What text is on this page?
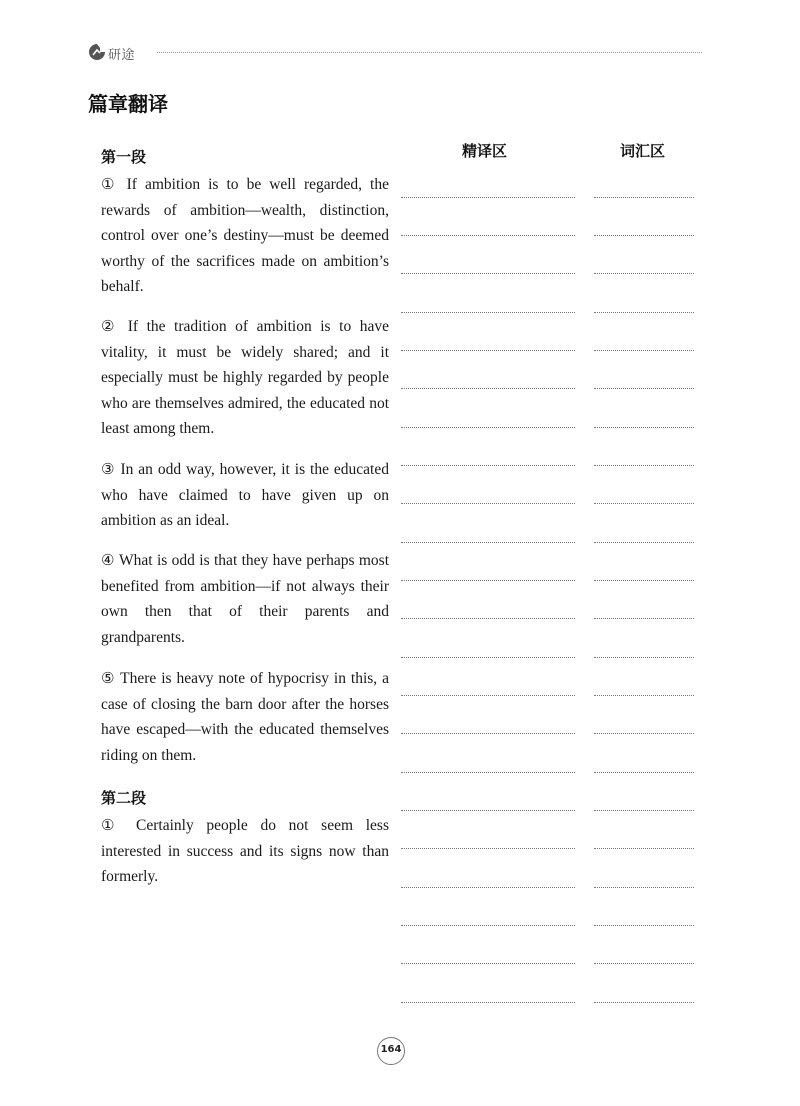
研途
篇章翻译
精译区	词汇区
第一段
① If ambition is to be well regarded, the rewards of ambition—wealth, distinction, control over one’s destiny—must be deemed worthy of the sacrifices made on ambition’s behalf.
② If the tradition of ambition is to have vitality, it must be widely shared; and it especially must be highly regarded by people who are themselves admired, the educated not least among them.
③ In an odd way, however, it is the educated who have claimed to have given up on ambition as an ideal.
④ What is odd is that they have perhaps most benefited from ambition—if not always their own then that of their parents and grandparents.
⑤ There is heavy note of hypocrisy in this, a case of closing the barn door after the horses have escaped—with the educated themselves riding on them.
第二段
① Certainly people do not seem less interested in success and its signs now than formerly.
164
